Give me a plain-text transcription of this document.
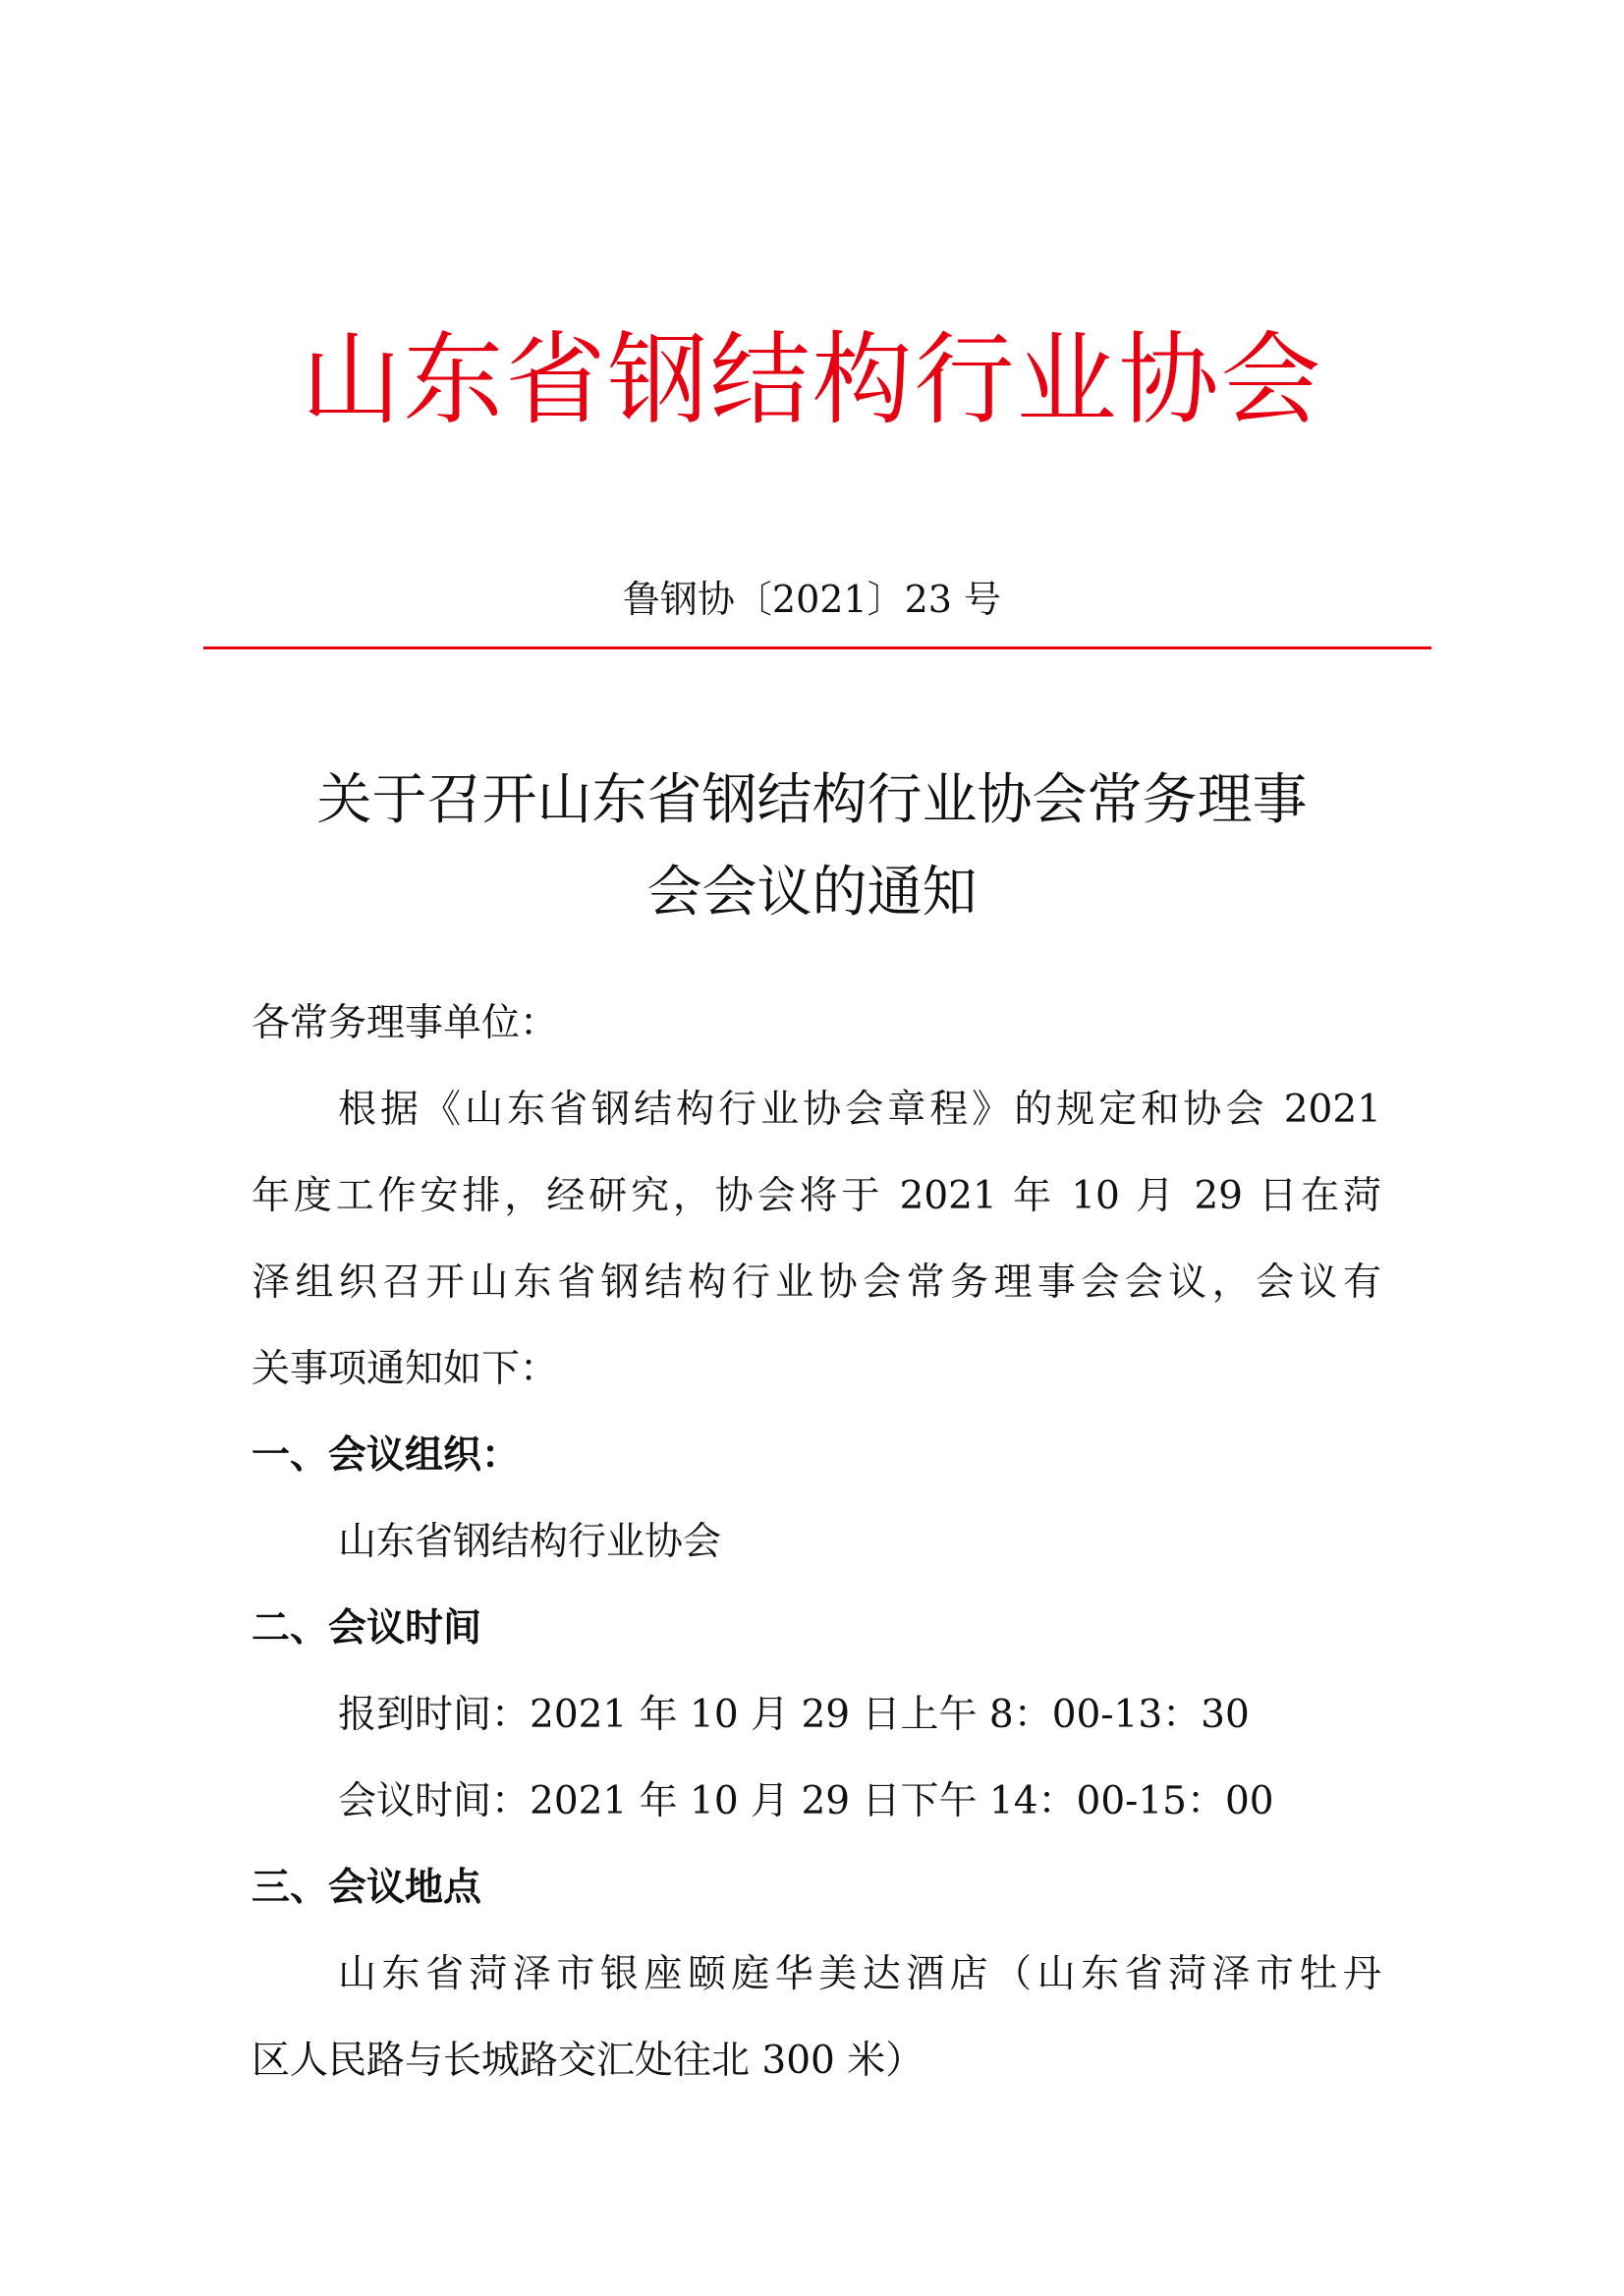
山东省钢结构行业协会
鲁钢协〔2021〕23 号
关于召开山东省钢结构行业协会常务理事
会会议的通知
各常务理事单位：
根据《山东省钢结构行业协会章程》的规定和协会 2021
年度工作安排，经研究，协会将于 2021 年 10 月 29 日在菏
泽组织召开山东省钢结构行业协会常务理事会会议，会议有
关事项通知如下：
一、会议组织：
山东省钢结构行业协会
二、会议时间
报到时间：2021 年 10 月 29 日上午 8：00-13：30
会议时间：2021 年 10 月 29 日下午 14：00-15：00
三、会议地点
山东省菏泽市银座颐庭华美达酒店（山东省菏泽市牡丹
区人民路与长城路交汇处往北 300 米）
